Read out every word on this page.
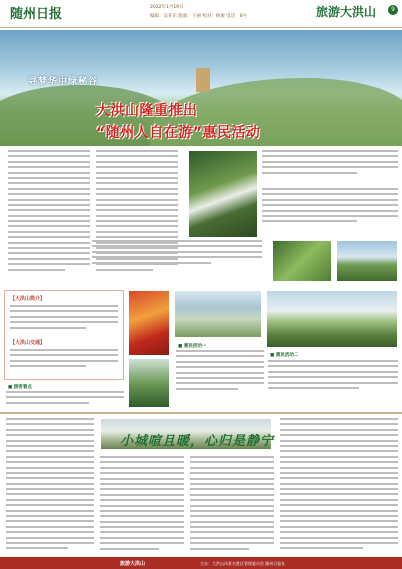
随州日报	2022年1月19日
编辑：吴亚东 版面：王丽 校对：杨俊 电话：8号	旅游大洪山	9
寻梦华中绿秘谷
大洪山隆重推出
“随州人自在游”惠民活动
【大洪山简介】
【大洪山交通】
■ 惠民活动一
■ 惠民活动二
■ 游客看点
小城喧且暖，心归是静宁
旅游大洪山	主办：大洪山风景名胜区管理委员会 随州日报社
